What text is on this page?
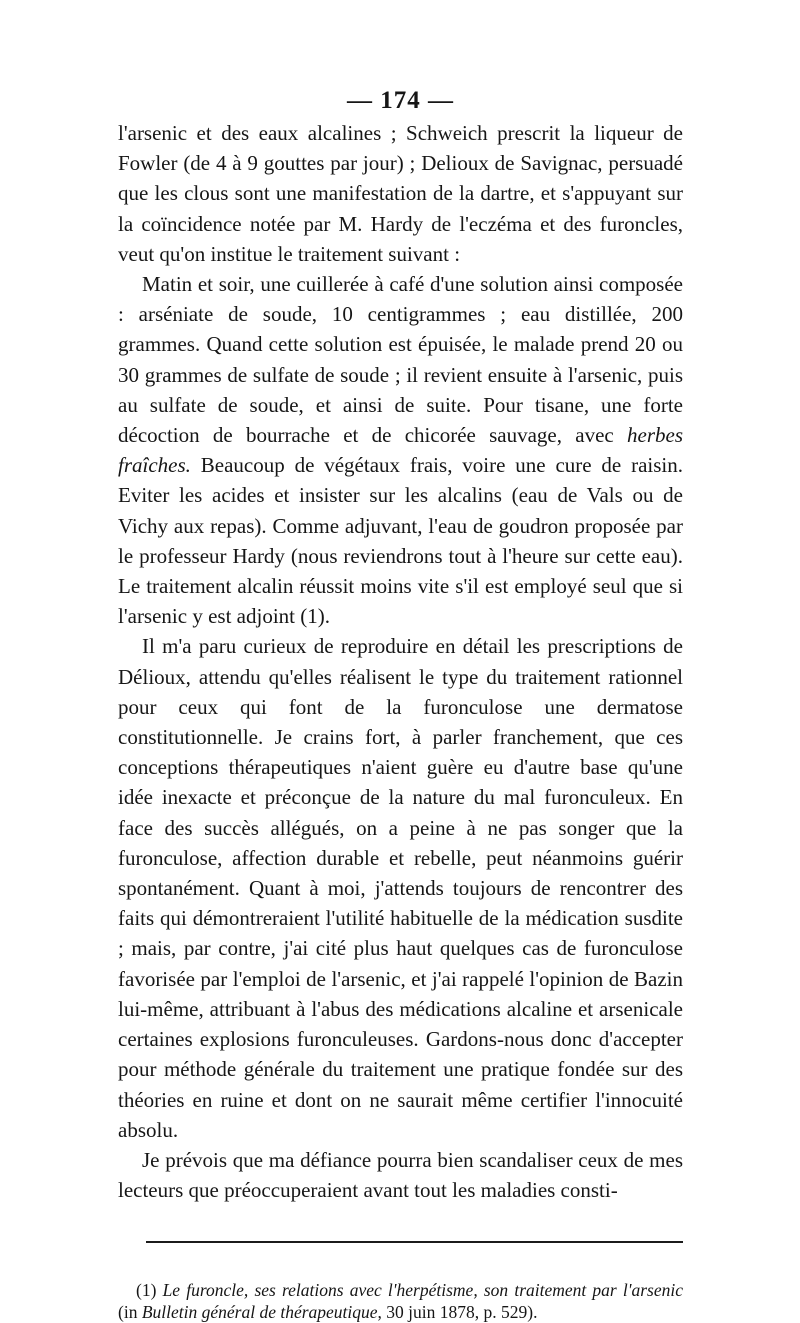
— 174 —

l'arsenic et des eaux alcalines ; Schweich prescrit la liqueur de Fowler (de 4 à 9 gouttes par jour) ; Delioux de Savignac, persuadé que les clous sont une manifestation de la dartre, et s'appuyant sur la coïncidence notée par M. Hardy de l'eczéma et des furoncles, veut qu'on institue le traitement suivant :

Matin et soir, une cuillerée à café d'une solution ainsi composée : arséniate de soude, 10 centigrammes ; eau distillée, 200 grammes. Quand cette solution est épuisée, le malade prend 20 ou 30 grammes de sulfate de soude ; il revient ensuite à l'arsenic, puis au sulfate de soude, et ainsi de suite. Pour tisane, une forte décoction de bourrache et de chicorée sauvage, avec herbes fraîches. Beaucoup de végétaux frais, voire une cure de raisin. Eviter les acides et insister sur les alcalins (eau de Vals ou de Vichy aux repas). Comme adjuvant, l'eau de goudron proposée par le professeur Hardy (nous reviendrons tout à l'heure sur cette eau). Le traitement alcalin réussit moins vite s'il est employé seul que si l'arsenic y est adjoint (1).

Il m'a paru curieux de reproduire en détail les prescriptions de Délioux, attendu qu'elles réalisent le type du traitement rationnel pour ceux qui font de la furonculose une dermatose constitutionnelle. Je crains fort, à parler franchement, que ces conceptions thérapeutiques n'aient guère eu d'autre base qu'une idée inexacte et préconçue de la nature du mal furonculeux. En face des succès allégués, on a peine à ne pas songer que la furonculose, affection durable et rebelle, peut néanmoins guérir spontanément. Quant à moi, j'attends toujours de rencontrer des faits qui démontreraient l'utilité habituelle de la médication susdite ; mais, par contre, j'ai cité plus haut quelques cas de furonculose favorisée par l'emploi de l'arsenic, et j'ai rappelé l'opinion de Bazin lui-même, attribuant à l'abus des médications alcaline et arsenicale certaines explosions furonculeuses. Gardons-nous donc d'accepter pour méthode générale du traitement une pratique fondée sur des théories en ruine et dont on ne saurait même certifier l'innocuité absolu.

Je prévois que ma défiance pourra bien scandaliser ceux de mes lecteurs que préoccuperaient avant tout les maladies consti-

(1) Le furoncle, ses relations avec l'herpétisme, son traitement par l'arsenic (in Bulletin général de thérapeutique, 30 juin 1878, p. 529).
